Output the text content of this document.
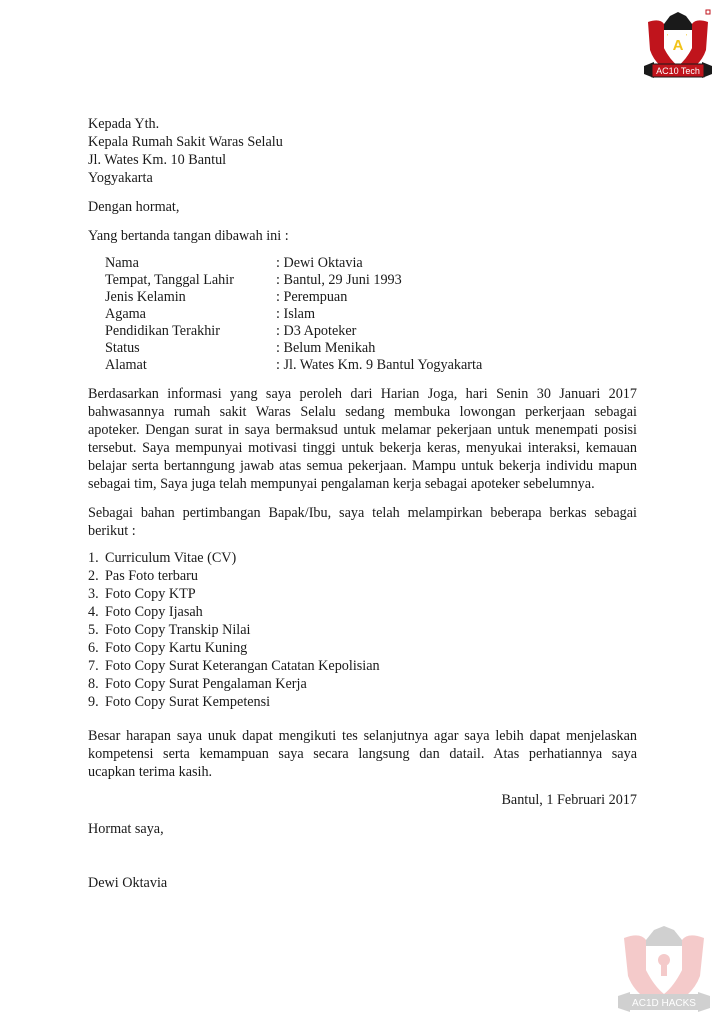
A
'	'
AC10 Tech
Kepada Yth.
Kepala Rumah Sakit Waras Selalu
Jl. Wates Km. 10 Bantul
Yogyakarta
Dengan hormat,
Yang bertanda tangan dibawah ini :
Nama	: Dewi Oktavia
Tempat, Tanggal Lahir	: Bantul, 29 Juni 1993
Jenis Kelamin	: Perempuan
Agama	: Islam
Pendidikan Terakhir	: D3 Apoteker
Status	: Belum Menikah
Alamat	: Jl. Wates Km. 9 Bantul Yogyakarta
Berdasarkan informasi yang saya peroleh dari Harian Joga, hari Senin 30 Januari 2017
bahwasannya rumah sakit Waras Selalu sedang membuka lowongan perkerjaan sebagai
apoteker. Dengan surat in saya bermaksud untuk melamar pekerjaan untuk menempati posisi
tersebut. Saya mempunyai motivasi tinggi untuk bekerja keras, menyukai interaksi, kemauan
belajar serta bertanngung jawab atas semua pekerjaan. Mampu untuk bekerja individu mapun
sebagai tim, Saya juga telah mempunyai pengalaman kerja sebagai apoteker sebelumnya.
Sebagai bahan pertimbangan Bapak/Ibu, saya telah melampirkan beberapa berkas sebagai
berikut :
1. Curriculum Vitae (CV)
2. Pas Foto terbaru
3. Foto Copy KTP
4. Foto Copy Ijasah
5. Foto Copy Transkip Nilai
6. Foto Copy Kartu Kuning
7. Foto Copy Surat Keterangan Catatan Kepolisian
8. Foto Copy Surat Pengalaman Kerja
9. Foto Copy Surat Kempetensi
Besar harapan saya unuk dapat mengikuti tes selanjutnya agar saya lebih dapat menjelaskan
kompetensi serta kemampuan saya secara langsung dan datail. Atas perhatiannya saya
ucapkan terima kasih.
Bantul, 1 Februari 2017
Hormat saya,
Dewi Oktavia
AC1D HACKS
